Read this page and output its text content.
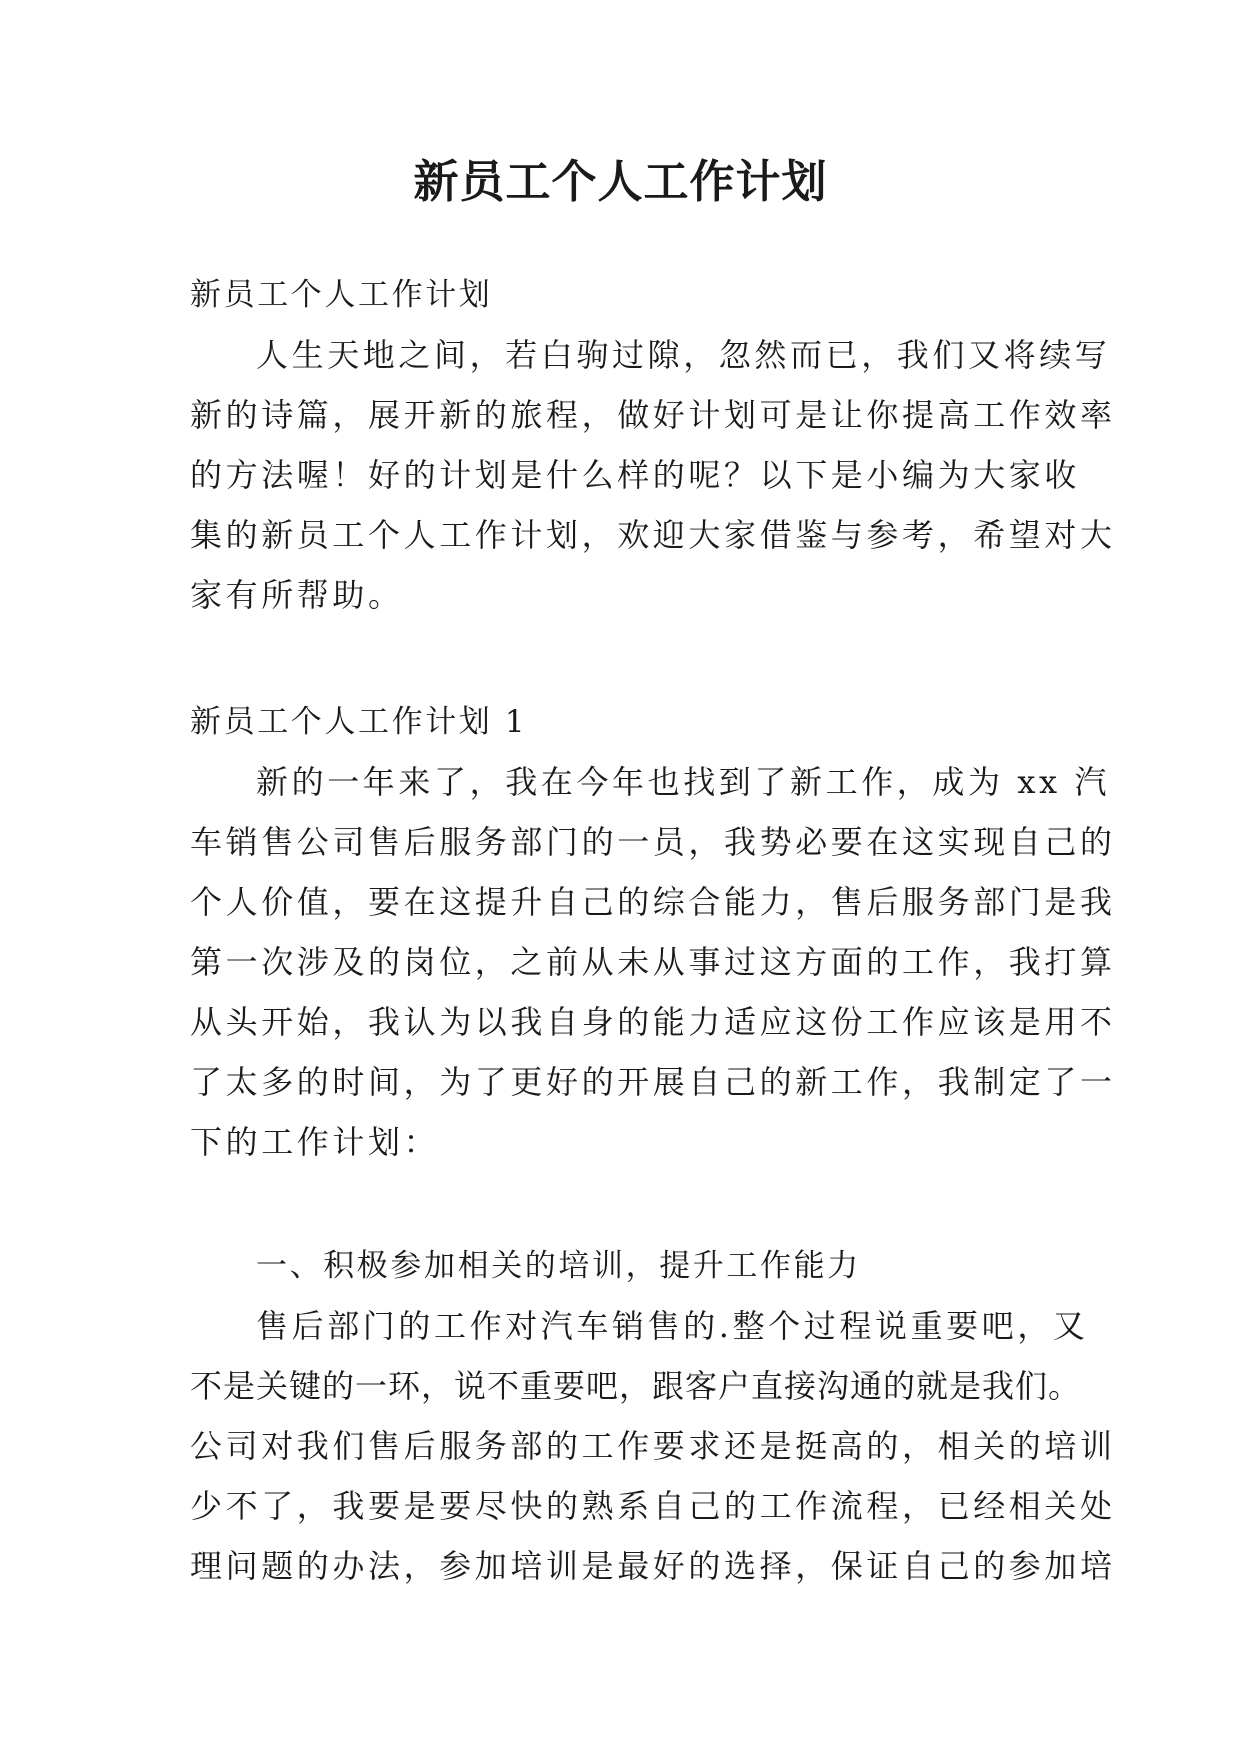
新员工个人工作计划
新员工个人工作计划
人生天地之间，若白驹过隙，忽然而已，我们又将续写
新的诗篇，展开新的旅程，做好计划可是让你提高工作效率
的方法喔！好的计划是什么样的呢？以下是小编为大家收
集的新员工个人工作计划，欢迎大家借鉴与参考，希望对大
家有所帮助。
新员工个人工作计划 1
新的一年来了，我在今年也找到了新工作，成为 xx 汽
车销售公司售后服务部门的一员，我势必要在这实现自己的
个人价值，要在这提升自己的综合能力，售后服务部门是我
第一次涉及的岗位，之前从未从事过这方面的工作，我打算
从头开始，我认为以我自身的能力适应这份工作应该是用不
了太多的时间，为了更好的开展自己的新工作，我制定了一
下的工作计划：
一、积极参加相关的培训，提升工作能力
售后部门的工作对汽车销售的.整个过程说重要吧，又
不是关键的一环，说不重要吧，跟客户直接沟通的就是我们。
公司对我们售后服务部的工作要求还是挺高的，相关的培训
少不了，我要是要尽快的熟系自己的工作流程，已经相关处
理问题的办法，参加培训是最好的选择，保证自己的参加培
